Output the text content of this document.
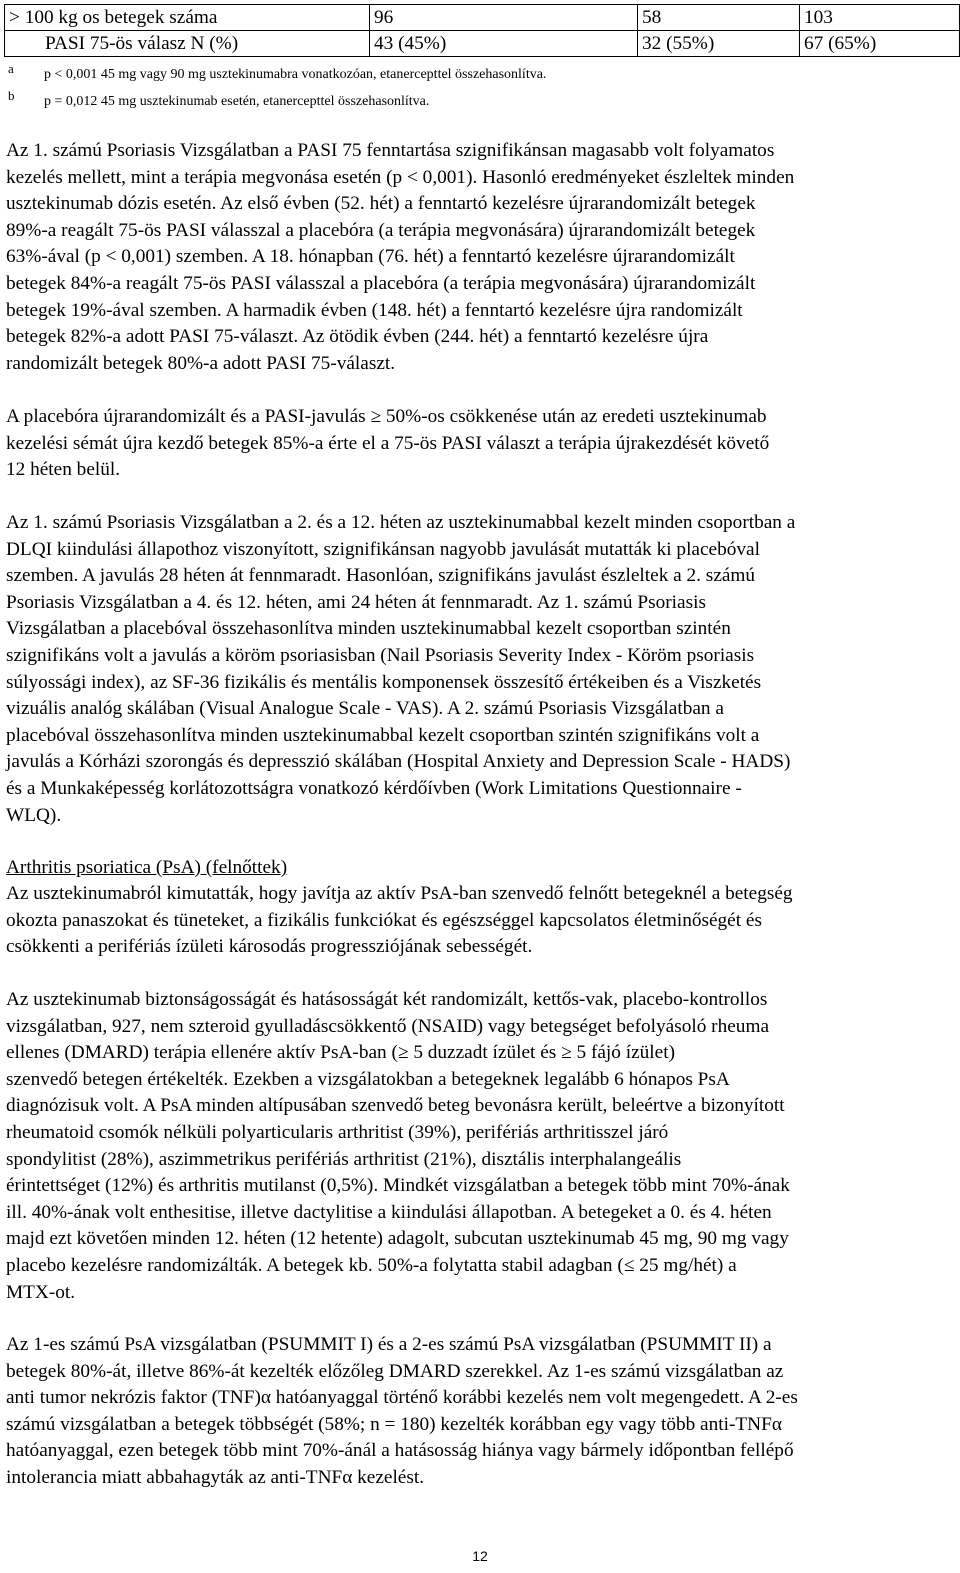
> 100 kg os betegek száma	96	58	103
PASI 75-ös válasz N (%)	43 (45%)	32 (55%)	67 (65%)
a p < 0,001 45 mg vagy 90 mg usztekinumabra vonatkozóan, etanercepttel összehasonlítva.
b p = 0,012 45 mg usztekinumab esetén, etanercepttel összehasonlítva.

Az 1. számú Psoriasis Vizsgálatban a PASI 75 fenntartása szignifikánsan magasabb volt folyamatos

kezelés mellett, mint a terápia megvonása esetén (p < 0,001). Hasonló eredményeket észleltek minden

usztekinumab dózis esetén. Az első évben (52. hét) a fenntartó kezelésre újrarandomizált betegek

89%-a reagált 75-ös PASI válasszal a placebóra (a terápia megvonására) újrarandomizált betegek

63%-ával (p < 0,001) szemben. A 18. hónapban (76. hét) a fenntartó kezelésre újrarandomizált

betegek 84%-a reagált 75-ös PASI válasszal a placebóra (a terápia megvonására) újrarandomizált

betegek 19%-ával szemben. A harmadik évben (148. hét) a fenntartó kezelésre újra randomizált

betegek 82%-a adott PASI 75-választ. Az ötödik évben (244. hét) a fenntartó kezelésre újra

randomizált betegek 80%-a adott PASI 75-választ.

A placebóra újrarandomizált és a PASI-javulás ≥ 50%-os csökkenése után az eredeti usztekinumab

kezelési sémát újra kezdő betegek 85%-a érte el a 75-ös PASI választ a terápia újrakezdését követő

12 héten belül.

Az 1. számú Psoriasis Vizsgálatban a 2. és a 12. héten az usztekinumabbal kezelt minden csoportban a

DLQI kiindulási állapothoz viszonyított, szignifikánsan nagyobb javulását mutatták ki placebóval

szemben. A javulás 28 héten át fennmaradt. Hasonlóan, szignifikáns javulást észleltek a 2. számú

Psoriasis Vizsgálatban a 4. és 12. héten, ami 24 héten át fennmaradt. Az 1. számú Psoriasis

Vizsgálatban a placebóval összehasonlítva minden usztekinumabbal kezelt csoportban szintén

szignifikáns volt a javulás a köröm psoriasisban (Nail Psoriasis Severity Index - Köröm psoriasis

súlyossági index), az SF-36 fizikális és mentális komponensek összesítő értékeiben és a Viszketés

vizuális analóg skálában (Visual Analogue Scale - VAS). A 2. számú Psoriasis Vizsgálatban a

placebóval összehasonlítva minden usztekinumabbal kezelt csoportban szintén szignifikáns volt a

javulás a Kórházi szorongás és depresszió skálában (Hospital Anxiety and Depression Scale - HADS)

és a Munkaképesség korlátozottságra vonatkozó kérdőívben (Work Limitations Questionnaire -

WLQ).

Arthritis psoriatica (PsA) (felnőttek)

Az usztekinumabról kimutatták, hogy javítja az aktív PsA-ban szenvedő felnőtt betegeknél a betegség

okozta panaszokat és tüneteket, a fizikális funkciókat és egészséggel kapcsolatos életminőségét és

csökkenti a perifériás ízületi károsodás progressziójának sebességét.

Az usztekinumab biztonságosságát és hatásosságát két randomizált, kettős-vak, placebo-kontrollos

vizsgálatban, 927, nem szteroid gyulladáscsökkentő (NSAID) vagy betegséget befolyásoló rheuma

ellenes (DMARD) terápia ellenére aktív PsA-ban (≥ 5 duzzadt ízület és ≥ 5 fájó ízület)

szenvedő betegen értékelték. Ezekben a vizsgálatokban a betegeknek legalább 6 hónapos PsA

diagnózisuk volt. A PsA minden altípusában szenvedő beteg bevonásra került, beleértve a bizonyított

rheumatoid csomók nélküli polyarticularis arthritist (39%), perifériás arthritisszel járó

spondylitist (28%), aszimmetrikus perifériás arthritist (21%), disztális interphalangeális

érintettséget (12%) és arthritis mutilanst (0,5%). Mindkét vizsgálatban a betegek több mint 70%-ának

ill. 40%-ának volt enthesitise, illetve dactylitise a kiindulási állapotban. A betegeket a 0. és 4. héten

majd ezt követően minden 12. héten (12 hetente) adagolt, subcutan usztekinumab 45 mg, 90 mg vagy

placebo kezelésre randomizálták. A betegek kb. 50%-a folytatta stabil adagban (≤ 25 mg/hét) a

MTX-ot.

Az 1-es számú PsA vizsgálatban (PSUMMIT I) és a 2-es számú PsA vizsgálatban (PSUMMIT II) a

betegek 80%-át, illetve 86%-át kezelték előzőleg DMARD szerekkel. Az 1-es számú vizsgálatban az

anti tumor nekrózis faktor (TNF)α hatóanyaggal történő korábbi kezelés nem volt megengedett. A 2-es

számú vizsgálatban a betegek többségét (58%; n = 180) kezelték korábban egy vagy több anti-TNFα

hatóanyaggal, ezen betegek több mint 70%-ánál a hatásosság hiánya vagy bármely időpontban fellépő

intolerancia miatt abbahagyták az anti-TNFα kezelést.

12
